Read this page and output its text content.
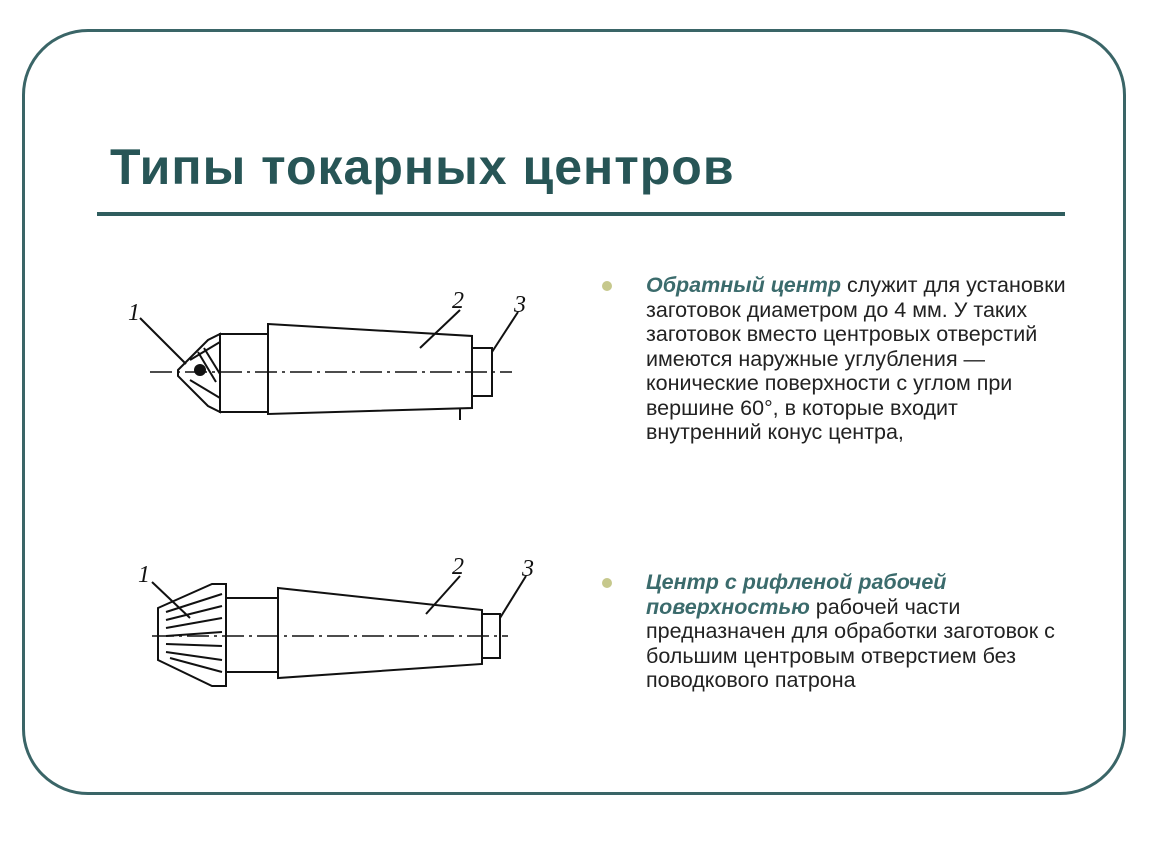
Типы токарных центров
1	2 3
1	2 3

Обратный центр служит для установки заготовок диаметром до 4 мм. У таких заготовок вместо центровых отверстий имеются наружные углубления — конические поверхности с углом при вершине 60°, в которые входит внутренний конус центра,

Центр с рифленой рабочей поверхностью рабочей части предназначен для обработки заготовок с большим центровым отверстием без поводкового патрона
